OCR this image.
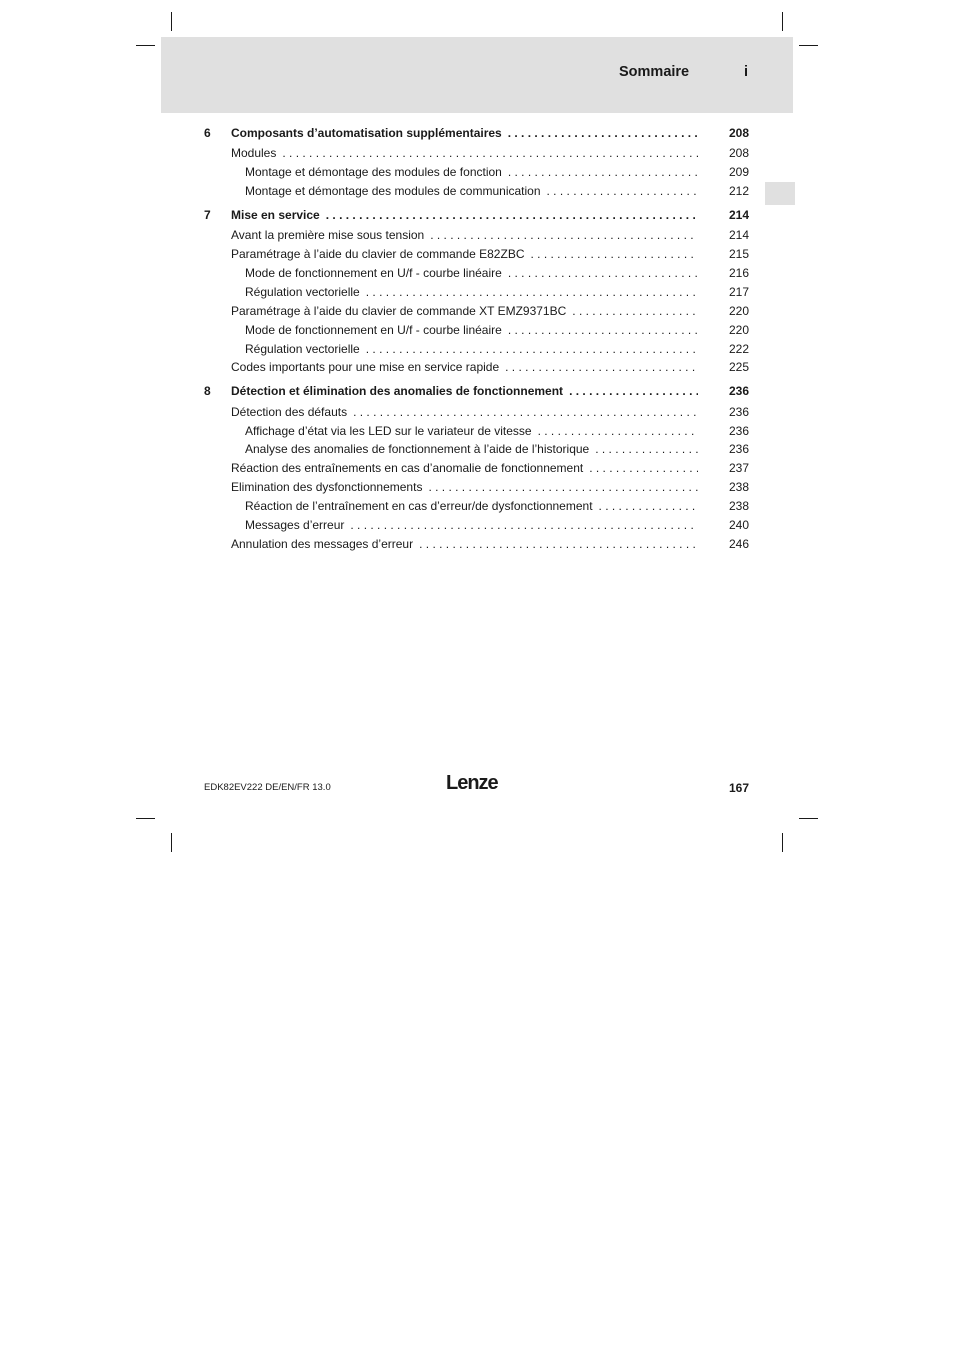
Sommaire	i
6 Composants d’automatisation supplémentaires . . .	208
Modules . . .	208
Montage et démontage des modules de fonction . . .	209
Montage et démontage des modules de communication . . .	212
7 Mise en service . . .	214
Avant la première mise sous tension . . .	214
Paramétrage à l’aide du clavier de commande E82ZBC . . .	215
Mode de fonctionnement en U/f - courbe linéaire . . .	216
Régulation vectorielle . . .	217
Paramétrage à l’aide du clavier de commande XT EMZ9371BC . . .	220
Mode de fonctionnement en U/f - courbe linéaire . . .	220
Régulation vectorielle . . .	222
Codes importants pour une mise en service rapide . . .	225
8 Détection et élimination des anomalies de fonctionnement . . .	236
Détection des défauts . . .	236
Affichage d’état via les LED sur le variateur de vitesse . . .	236
Analyse des anomalies de fonctionnement à l’aide de l’historique . . .	236
Réaction des entraînements en cas d’anomalie de fonctionnement . . .	237
Elimination des dysfonctionnements . . .	238
Réaction de l’entraînement en cas d’erreur/de dysfonctionnement . . .	238
Messages d’erreur . . .	240
Annulation des messages d’erreur . . .	246
EDK82EV222 DE/EN/FR 13.0	Lenze	167
